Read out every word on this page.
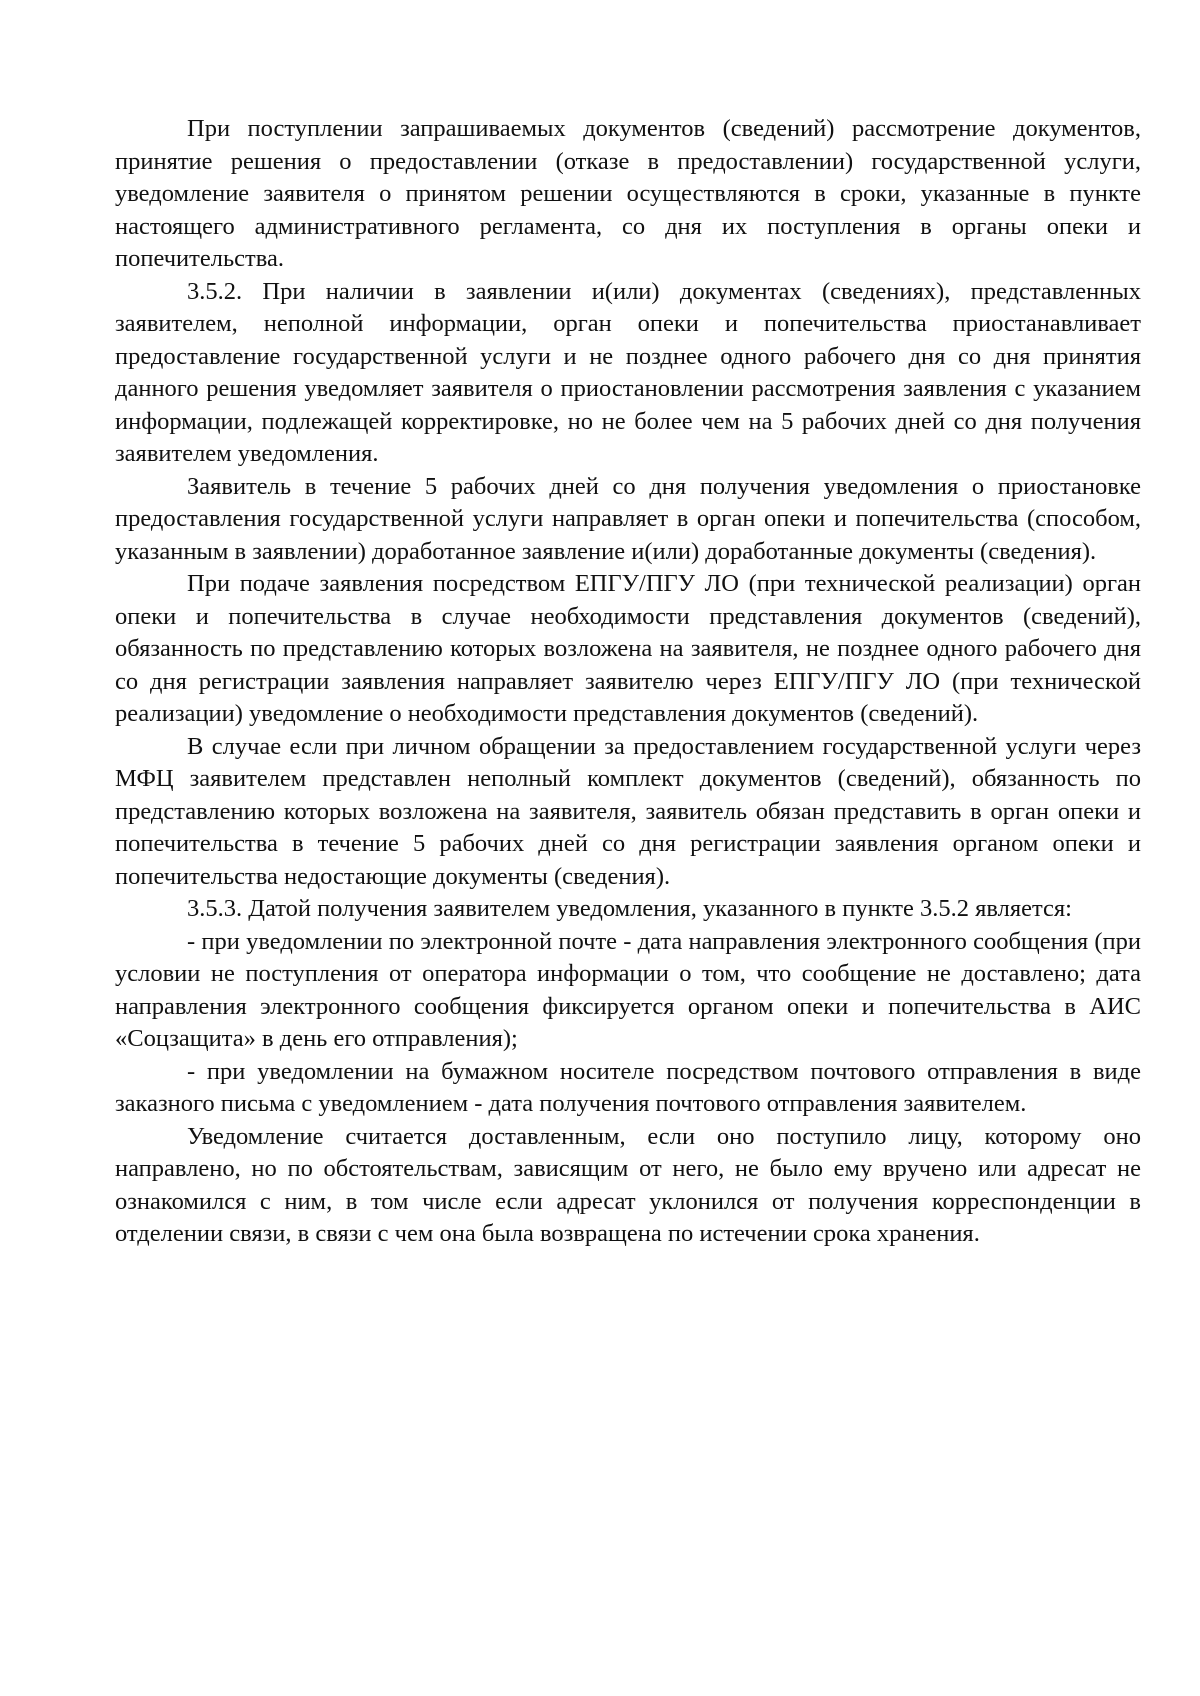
При поступлении запрашиваемых документов (сведений) рассмотрение документов, принятие решения о предоставлении (отказе в предоставлении) государственной услуги, уведомление заявителя о принятом решении осуществляются в сроки, указанные в пункте настоящего административного регламента, со дня их поступления в органы опеки и попечительства.

3.5.2. При наличии в заявлении и(или) документах (сведениях), представленных заявителем, неполной информации, орган опеки и попечительства приостанавливает предоставление государственной услуги и не позднее одного рабочего дня со дня принятия данного решения уведомляет заявителя о приостановлении рассмотрения заявления с указанием информации, подлежащей корректировке, но не более чем на 5 рабочих дней со дня получения заявителем уведомления.

Заявитель в течение 5 рабочих дней со дня получения уведомления о приостановке предоставления государственной услуги направляет в орган опеки и попечительства (способом, указанным в заявлении) доработанное заявление и(или) доработанные документы (сведения).

При подаче заявления посредством ЕПГУ/ПГУ ЛО (при технической реализации) орган опеки и попечительства в случае необходимости представления документов (сведений), обязанность по представлению которых возложена на заявителя, не позднее одного рабочего дня со дня регистрации заявления направляет заявителю через ЕПГУ/ПГУ ЛО (при технической реализации) уведомление о необходимости представления документов (сведений).

В случае если при личном обращении за предоставлением государственной услуги через МФЦ заявителем представлен неполный комплект документов (сведений), обязанность по представлению которых возложена на заявителя, заявитель обязан представить в орган опеки и попечительства в течение 5 рабочих дней со дня регистрации заявления органом опеки и попечительства недостающие документы (сведения).

3.5.3. Датой получения заявителем уведомления, указанного в пункте 3.5.2 является:

- при уведомлении по электронной почте - дата направления электронного сообщения (при условии не поступления от оператора информации о том, что сообщение не доставлено; дата направления электронного сообщения фиксируется органом опеки и попечительства в АИС «Соцзащита» в день его отправления);

- при уведомлении на бумажном носителе посредством почтового отправления в виде заказного письма с уведомлением - дата получения почтового отправления заявителем.

Уведомление считается доставленным, если оно поступило лицу, которому оно направлено, но по обстоятельствам, зависящим от него, не было ему вручено или адресат не ознакомился с ним, в том числе если адресат уклонился от получения корреспонденции в отделении связи, в связи с чем она была возвращена по истечении срока хранения.
